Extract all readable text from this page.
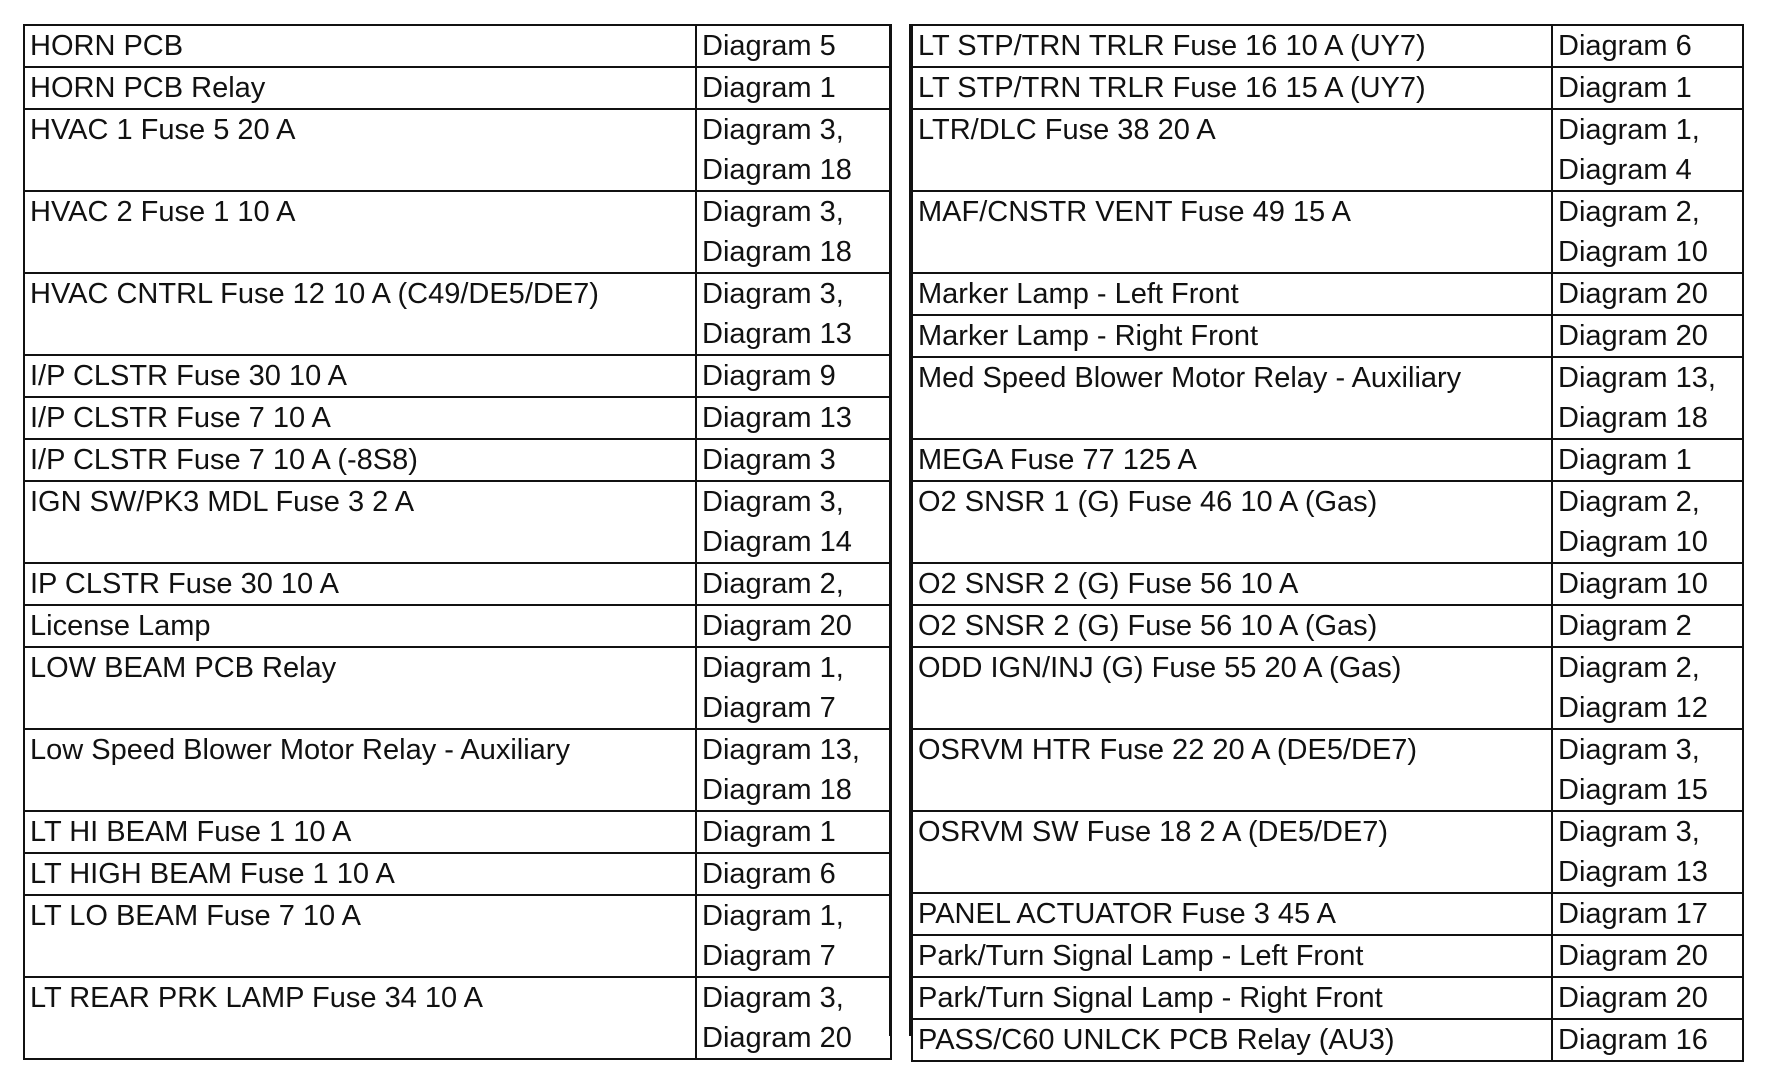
HORN PCB	Diagram 5
HORN PCB Relay	Diagram 1
HVAC 1 Fuse 5 20 A	Diagram 3,
	Diagram 18
HVAC 2 Fuse 1 10 A	Diagram 3,
	Diagram 18
HVAC CNTRL Fuse 12 10 A (C49/DE5/DE7)	Diagram 3,
	Diagram 13
I/P CLSTR Fuse 30 10 A	Diagram 9
I/P CLSTR Fuse 7 10 A	Diagram 13
I/P CLSTR Fuse 7 10 A (-8S8)	Diagram 3
IGN SW/PK3 MDL Fuse 3 2 A	Diagram 3,
	Diagram 14
IP CLSTR Fuse 30 10 A	Diagram 2,
License Lamp	Diagram 20
LOW BEAM PCB Relay	Diagram 1,
	Diagram 7
Low Speed Blower Motor Relay - Auxiliary	Diagram 13,
	Diagram 18
LT HI BEAM Fuse 1 10 A	Diagram 1
LT HIGH BEAM Fuse 1 10 A	Diagram 6
LT LO BEAM Fuse 7 10 A	Diagram 1,
	Diagram 7
LT REAR PRK LAMP Fuse 34 10 A	Diagram 3,
	Diagram 20
LT STP/TRN TRLR Fuse 16 10 A (UY7)	Diagram 6
LT STP/TRN TRLR Fuse 16 15 A (UY7)	Diagram 1
LTR/DLC Fuse 38 20 A	Diagram 1,
	Diagram 4
MAF/CNSTR VENT Fuse 49 15 A	Diagram 2,
	Diagram 10
Marker Lamp - Left Front	Diagram 20
Marker Lamp - Right Front	Diagram 20
Med Speed Blower Motor Relay - Auxiliary	Diagram 13,
	Diagram 18
MEGA Fuse 77 125 A	Diagram 1
O2 SNSR 1 (G) Fuse 46 10 A (Gas)	Diagram 2,
	Diagram 10
O2 SNSR 2 (G) Fuse 56 10 A	Diagram 10
O2 SNSR 2 (G) Fuse 56 10 A (Gas)	Diagram 2
ODD IGN/INJ (G) Fuse 55 20 A (Gas)	Diagram 2,
	Diagram 12
OSRVM HTR Fuse 22 20 A (DE5/DE7)	Diagram 3,
	Diagram 15
OSRVM SW Fuse 18 2 A (DE5/DE7)	Diagram 3,
	Diagram 13
PANEL ACTUATOR Fuse 3 45 A	Diagram 17
Park/Turn Signal Lamp - Left Front	Diagram 20
Park/Turn Signal Lamp - Right Front	Diagram 20
PASS/C60 UNLCK PCB Relay (AU3)	Diagram 16
